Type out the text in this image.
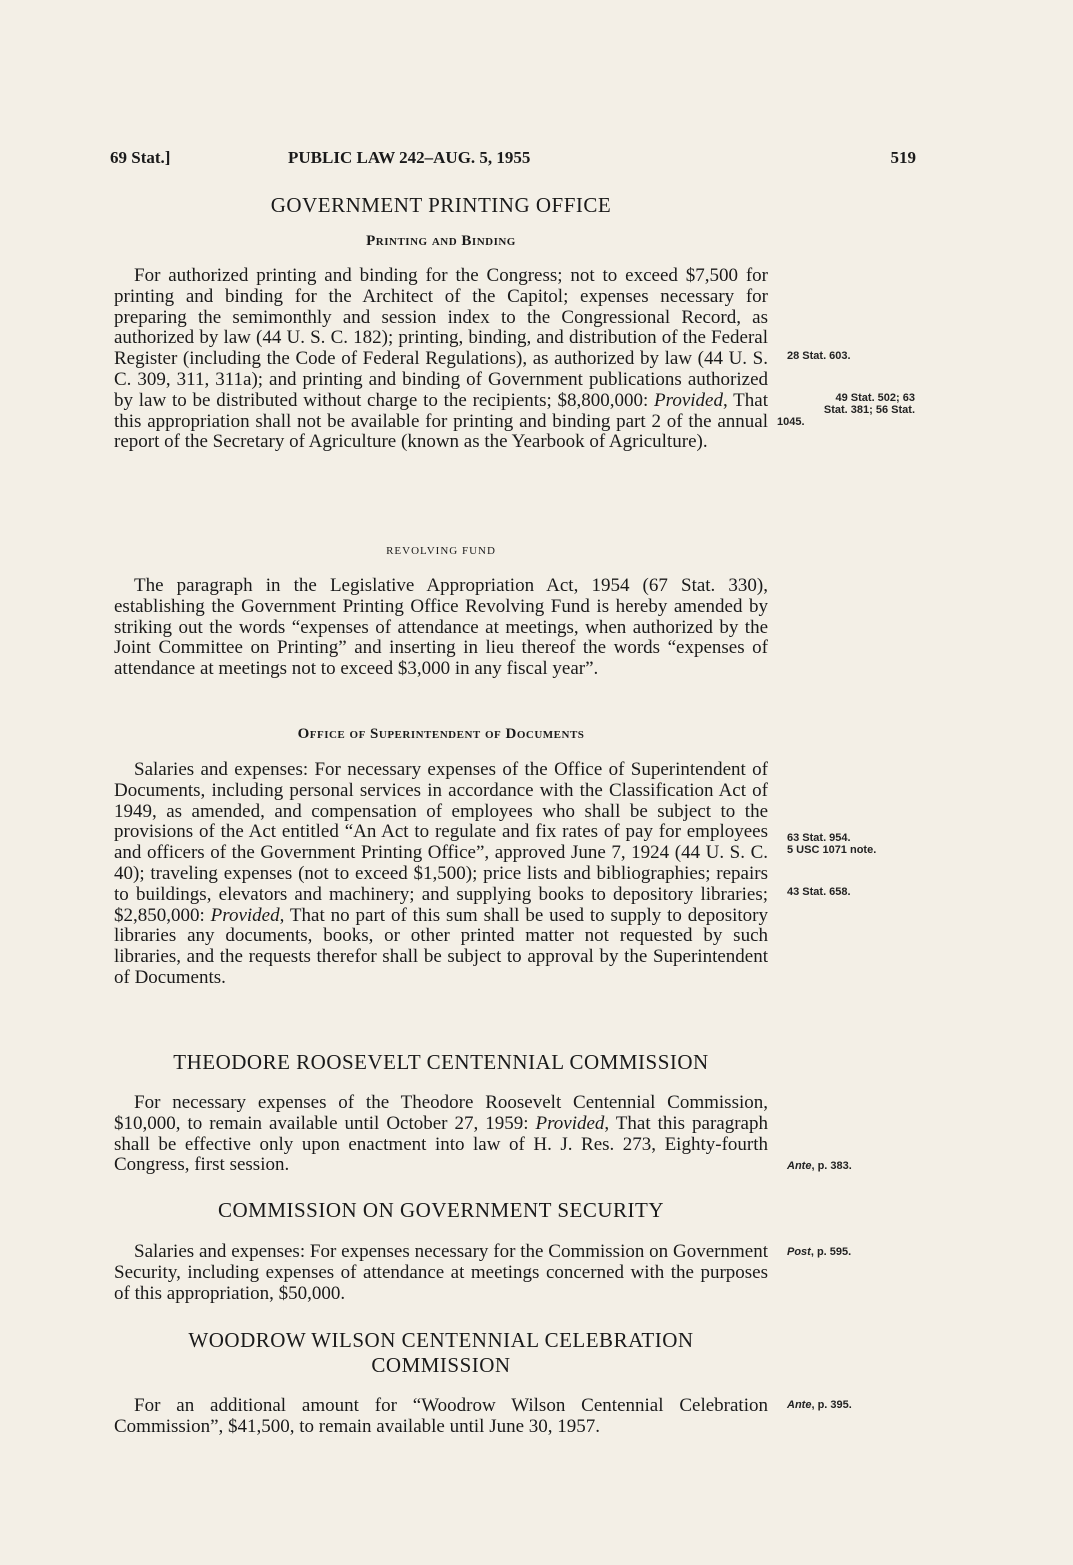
69 Stat.]	PUBLIC LAW 242–AUG. 5, 1955	519
GOVERNMENT PRINTING OFFICE
Printing and Binding

For authorized printing and binding for the Congress; not to exceed $7,500 for printing and binding for the Architect of the Capitol; expenses necessary for preparing the semimonthly and session index to the Congressional Record, as authorized by law (44 U. S. C. 182); printing, binding, and distribution of the Federal Register (including the Code of Federal Regulations), as authorized by law (44 U. S. C. 309, 311, 311a); and printing and binding of Government publications authorized by law to be distributed without charge to the recipients; $8,800,000: Provided, That this appropriation shall not be available for printing and binding part 2 of the annual report of the Secretary of Agriculture (known as the Yearbook of Agriculture).

REVOLVING FUND

The paragraph in the Legislative Appropriation Act, 1954 (67 Stat. 330), establishing the Government Printing Office Revolving Fund is hereby amended by striking out the words “expenses of attendance at meetings, when authorized by the Joint Committee on Printing” and inserting in lieu thereof the words “expenses of attendance at meetings not to exceed $3,000 in any fiscal year”.

Office of Superintendent of Documents

Salaries and expenses: For necessary expenses of the Office of Superintendent of Documents, including personal services in accordance with the Classification Act of 1949, as amended, and compensation of employees who shall be subject to the provisions of the Act entitled “An Act to regulate and fix rates of pay for employees and officers of the Government Printing Office”, approved June 7, 1924 (44 U. S. C. 40); traveling expenses (not to exceed $1,500); price lists and bibliographies; repairs to buildings, elevators and machinery; and supplying books to depository libraries; $2,850,000: Provided, That no part of this sum shall be used to supply to depository libraries any documents, books, or other printed matter not requested by such libraries, and the requests therefor shall be subject to approval by the Superintendent of Documents.

THEODORE ROOSEVELT CENTENNIAL COMMISSION

For necessary expenses of the Theodore Roosevelt Centennial Commission, $10,000, to remain available until October 27, 1959: Provided, That this paragraph shall be effective only upon enactment into law of H. J. Res. 273, Eighty-fourth Congress, first session.

COMMISSION ON GOVERNMENT SECURITY

Salaries and expenses: For expenses necessary for the Commission on Government Security, including expenses of attendance at meetings concerned with the purposes of this appropriation, $50,000.

WOODROW WILSON CENTENNIAL CELEBRATION
COMMISSION

For an additional amount for “Woodrow Wilson Centennial Celebration Commission”, $41,500, to remain available until June 30, 1957.

28 Stat. 603.
49 Stat. 502; 63
Stat. 381; 56 Stat.
1045.
63 Stat. 954.
5 USC 1071 note.
43 Stat. 658.
Ante, p. 383.
Post, p. 595.
Ante, p. 395.
